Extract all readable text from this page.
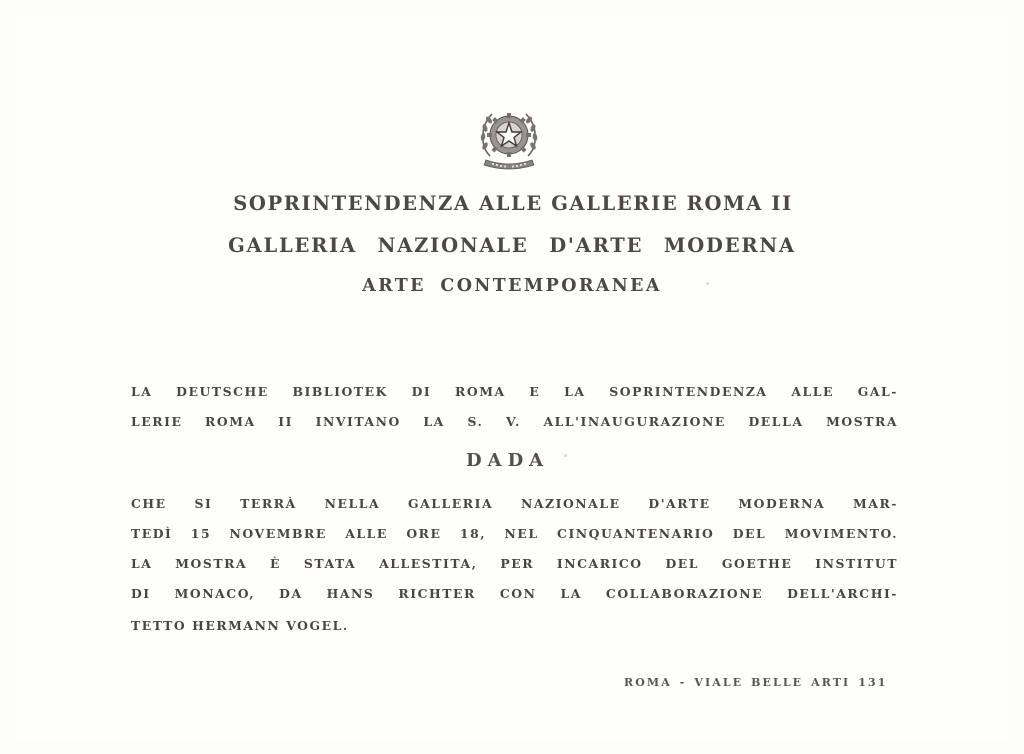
SOPRINTENDENZA ALLE GALLERIE ROMA II
GALLERIA NAZIONALE D'ARTE MODERNA
ARTE CONTEMPORANEA
LA DEUTSCHE BIBLIOTEK DI ROMA E LA SOPRINTENDENZA ALLE GAL-
LERIE ROMA II INVITANO LA S. V. ALL'INAUGURAZIONE DELLA MOSTRA
DADA
CHE SI TERRÀ NELLA GALLERIA NAZIONALE D'ARTE MODERNA MAR-
TEDÌ 15 NOVEMBRE ALLE ORE 18, NEL CINQUANTENARIO DEL MOVIMENTO.
LA MOSTRA È STATA ALLESTITA, PER INCARICO DEL GOETHE INSTITUT
DI MONACO, DA HANS RICHTER CON LA COLLABORAZIONE DELL'ARCHI-
TETTO HERMANN VOGEL.
ROMA - VIALE BELLE ARTI 131
